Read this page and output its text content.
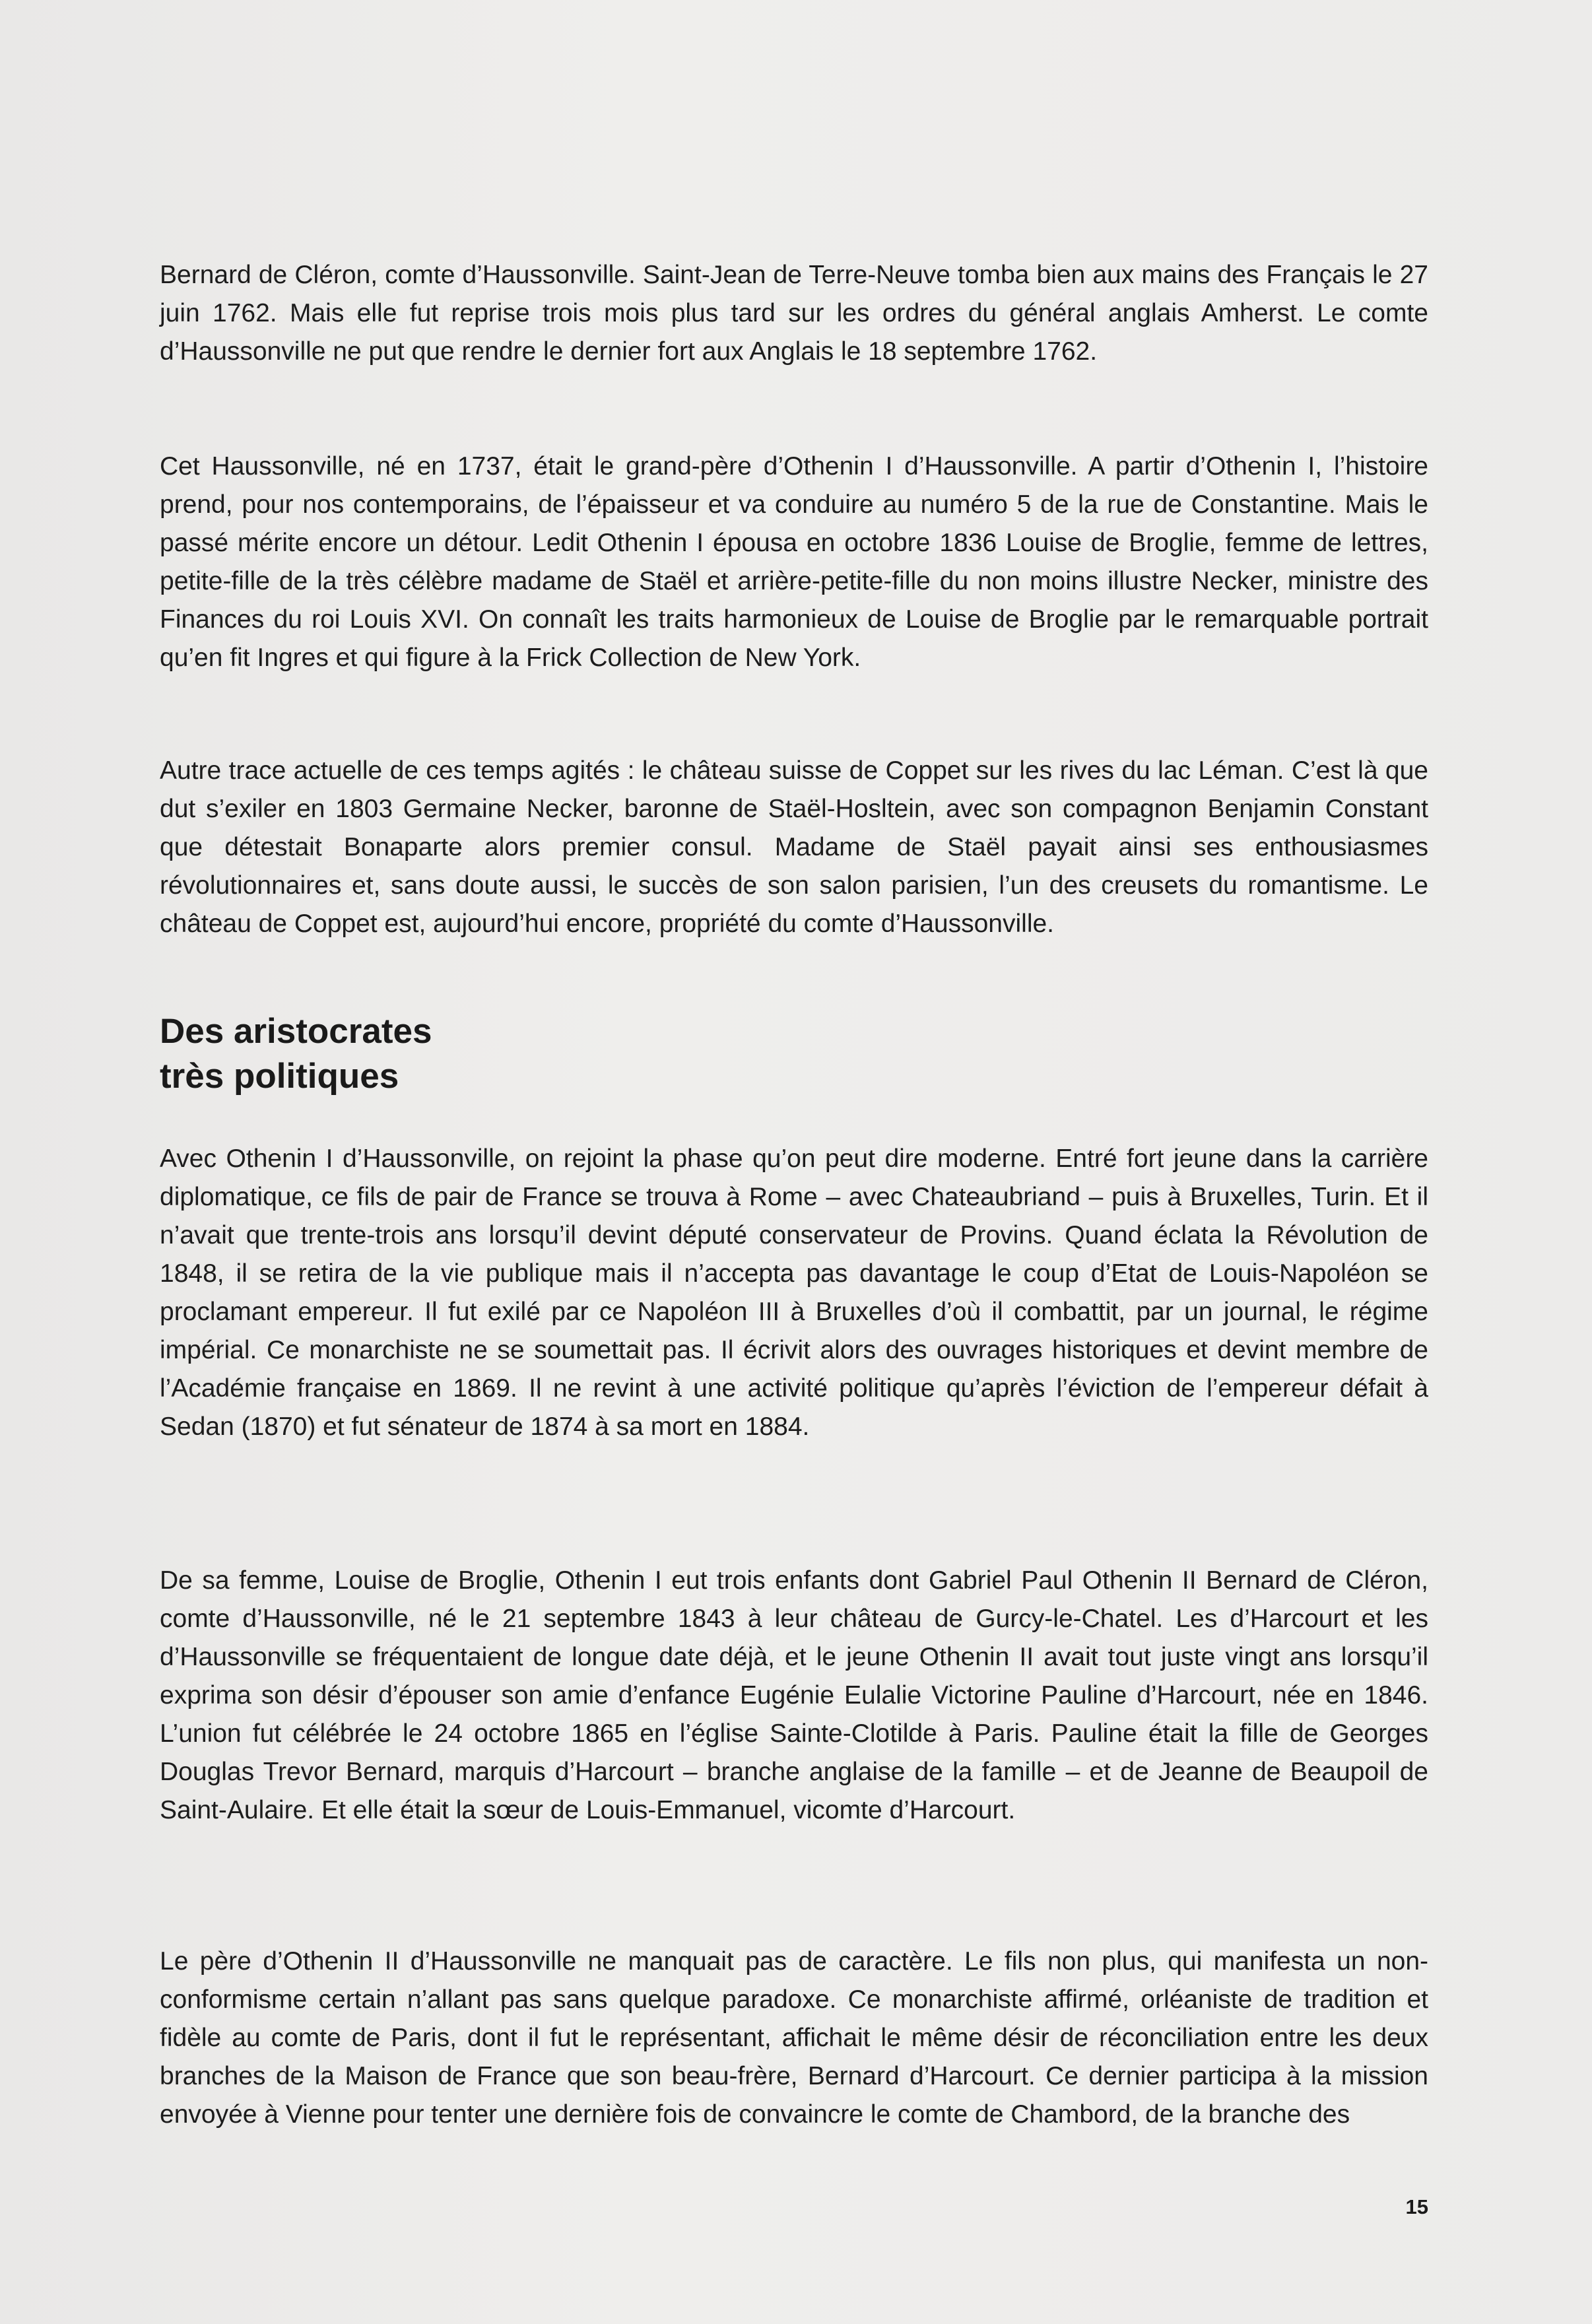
Bernard de Cléron, comte d’Haussonville. Saint-Jean de Terre-Neuve tomba bien aux mains des Français le 27 juin 1762. Mais elle fut reprise trois mois plus tard sur les ordres du général anglais Amherst. Le comte d’Haussonville ne put que rendre le dernier fort aux Anglais le 18 septembre 1762.

Cet Haussonville, né en 1737, était le grand-père d’Othenin I d’Haussonville. A partir d’Othenin I, l’histoire prend, pour nos contemporains, de l’épaisseur et va conduire au numéro 5 de la rue de Constantine. Mais le passé mérite encore un détour. Ledit Othenin I épousa en octobre 1836 Louise de Broglie, femme de lettres, petite-fille de la très célèbre madame de Staël et arrière-petite-fille du non moins illustre Necker, ministre des Finances du roi Louis XVI. On connaît les traits harmonieux de Louise de Broglie par le remarquable portrait qu’en fit Ingres et qui figure à la Frick Collection de New York.

Autre trace actuelle de ces temps agités : le château suisse de Coppet sur les rives du lac Léman. C’est là que dut s’exiler en 1803 Germaine Necker, baronne de Staël-Hosltein, avec son compagnon Benjamin Constant que détestait Bonaparte alors premier consul. Madame de Staël payait ainsi ses enthousiasmes révolutionnaires et, sans doute aussi, le succès de son salon parisien, l’un des creusets du romantisme. Le château de Coppet est, aujourd’hui encore, propriété du comte d’Haussonville.

Des aristocrates
très politiques

Avec Othenin I d’Haussonville, on rejoint la phase qu’on peut dire moderne. Entré fort jeune dans la carrière diplomatique, ce fils de pair de France se trouva à Rome – avec Chateaubriand – puis à Bruxelles, Turin. Et il n’avait que trente-trois ans lorsqu’il devint député conservateur de Provins. Quand éclata la Révolution de 1848, il se retira de la vie publique mais il n’accepta pas davantage le coup d’Etat de Louis-Napoléon se proclamant empereur. Il fut exilé par ce Napoléon III à Bruxelles d’où il combattit, par un journal, le régime impérial. Ce monarchiste ne se soumettait pas. Il écrivit alors des ouvrages historiques et devint membre de l’Académie française en 1869. Il ne revint à une activité politique qu’après l’éviction de l’empereur défait à Sedan (1870) et fut sénateur de 1874 à sa mort en 1884.

De sa femme, Louise de Broglie, Othenin I eut trois enfants dont Gabriel Paul Othenin II Bernard de Cléron, comte d’Haussonville, né le 21 septembre 1843 à leur château de Gurcy-le-Chatel. Les d’Harcourt et les d’Haussonville se fréquentaient de longue date déjà, et le jeune Othenin II avait tout juste vingt ans lorsqu’il exprima son désir d’épouser son amie d’enfance Eugénie Eulalie Victorine Pauline d’Harcourt, née en 1846. L’union fut célébrée le 24 octobre 1865 en l’église Sainte-Clotilde à Paris. Pauline était la fille de Georges Douglas Trevor Bernard, marquis d’Harcourt – branche anglaise de la famille – et de Jeanne de Beaupoil de Saint-Aulaire. Et elle était la sœur de Louis-Emmanuel, vicomte d’Harcourt.

Le père d’Othenin II d’Haussonville ne manquait pas de caractère. Le fils non plus, qui manifesta un non-conformisme certain n’allant pas sans quelque paradoxe. Ce monarchiste affirmé, orléaniste de tradition et fidèle au comte de Paris, dont il fut le représentant, affichait le même désir de réconciliation entre les deux branches de la Maison de France que son beau-frère, Bernard d’Harcourt. Ce dernier participa à la mission envoyée à Vienne pour tenter une dernière fois de convaincre le comte de Chambord, de la branche des

15
